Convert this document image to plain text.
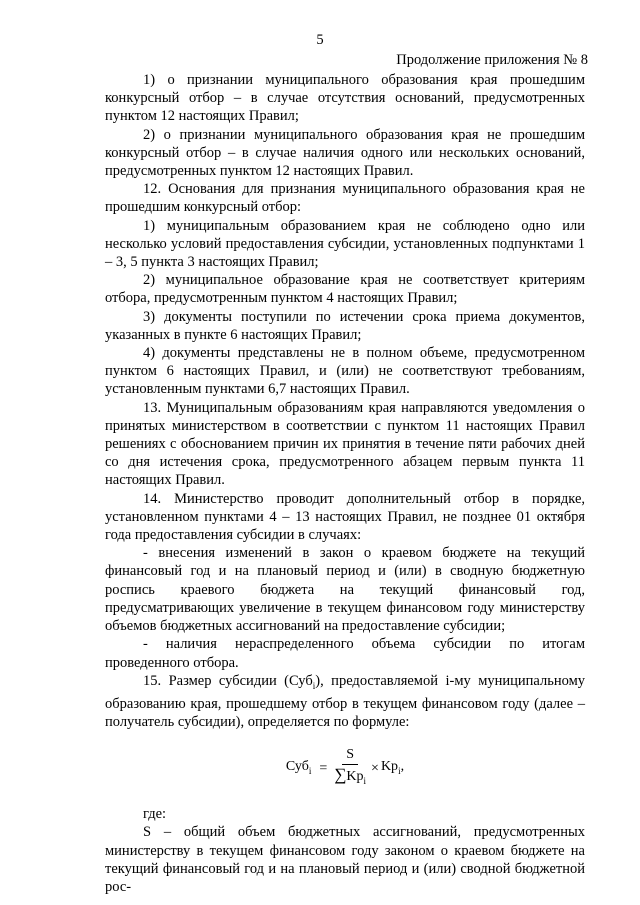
5
Продолжение приложения № 8

1) о признании муниципального образования края прошедшим конкурсный отбор – в случае отсутствия оснований, предусмотренных пунктом 12 настоящих Правил;

2) о признании муниципального образования края не прошедшим конкурсный отбор – в случае наличия одного или нескольких оснований, предусмотренных пунктом 12 настоящих Правил.

12. Основания для признания муниципального образования края не прошедшим конкурсный отбор:

1) муниципальным образованием края не соблюдено одно или несколько условий предоставления субсидии, установленных подпунктами 1 – 3, 5 пункта 3 настоящих Правил;

2) муниципальное образование края не соответствует критериям отбора, предусмотренным пунктом 4 настоящих Правил;

3) документы поступили по истечении срока приема документов, указанных в пункте 6 настоящих Правил;

4) документы представлены не в полном объеме, предусмотренном пунктом 6 настоящих Правил, и (или) не соответствуют требованиям, установленным пунктами 6,7 настоящих Правил.

13. Муниципальным образованиям края направляются уведомления о принятых министерством в соответствии с пунктом 11 настоящих Правил решениях с обоснованием причин их принятия в течение пяти рабочих дней со дня истечения срока, предусмотренного абзацем первым пункта 11 настоящих Правил.

14. Министерство проводит дополнительный отбор в порядке, установленном пунктами 4 – 13 настоящих Правил, не позднее 01 октября года предоставления субсидии в случаях:

- внесения изменений в закон о краевом бюджете на текущий финансовый год и на плановый период и (или) в сводную бюджетную роспись краевого бюджета на текущий финансовый год, предусматривающих увеличение в текущем финансовом году министерству объемов бюджетных ассигнований на предоставление субсидии;

- наличия нераспределенного объема субсидии по итогам проведенного отбора.

15. Размер субсидии (Суб$_i$), предоставляемой i-му муниципальному образованию края, прошедшему отбор в текущем финансовом году (далее – получатель субсидии), определяется по формуле:

$Суб_i = \frac{S}{\sum Kp_i} \times Kp_i$,

где:

S – общий объем бюджетных ассигнований, предусмотренных министерству в текущем финансовом году законом о краевом бюджете на текущий финансовый год и на плановый период и (или) сводной бюджетной рос-
